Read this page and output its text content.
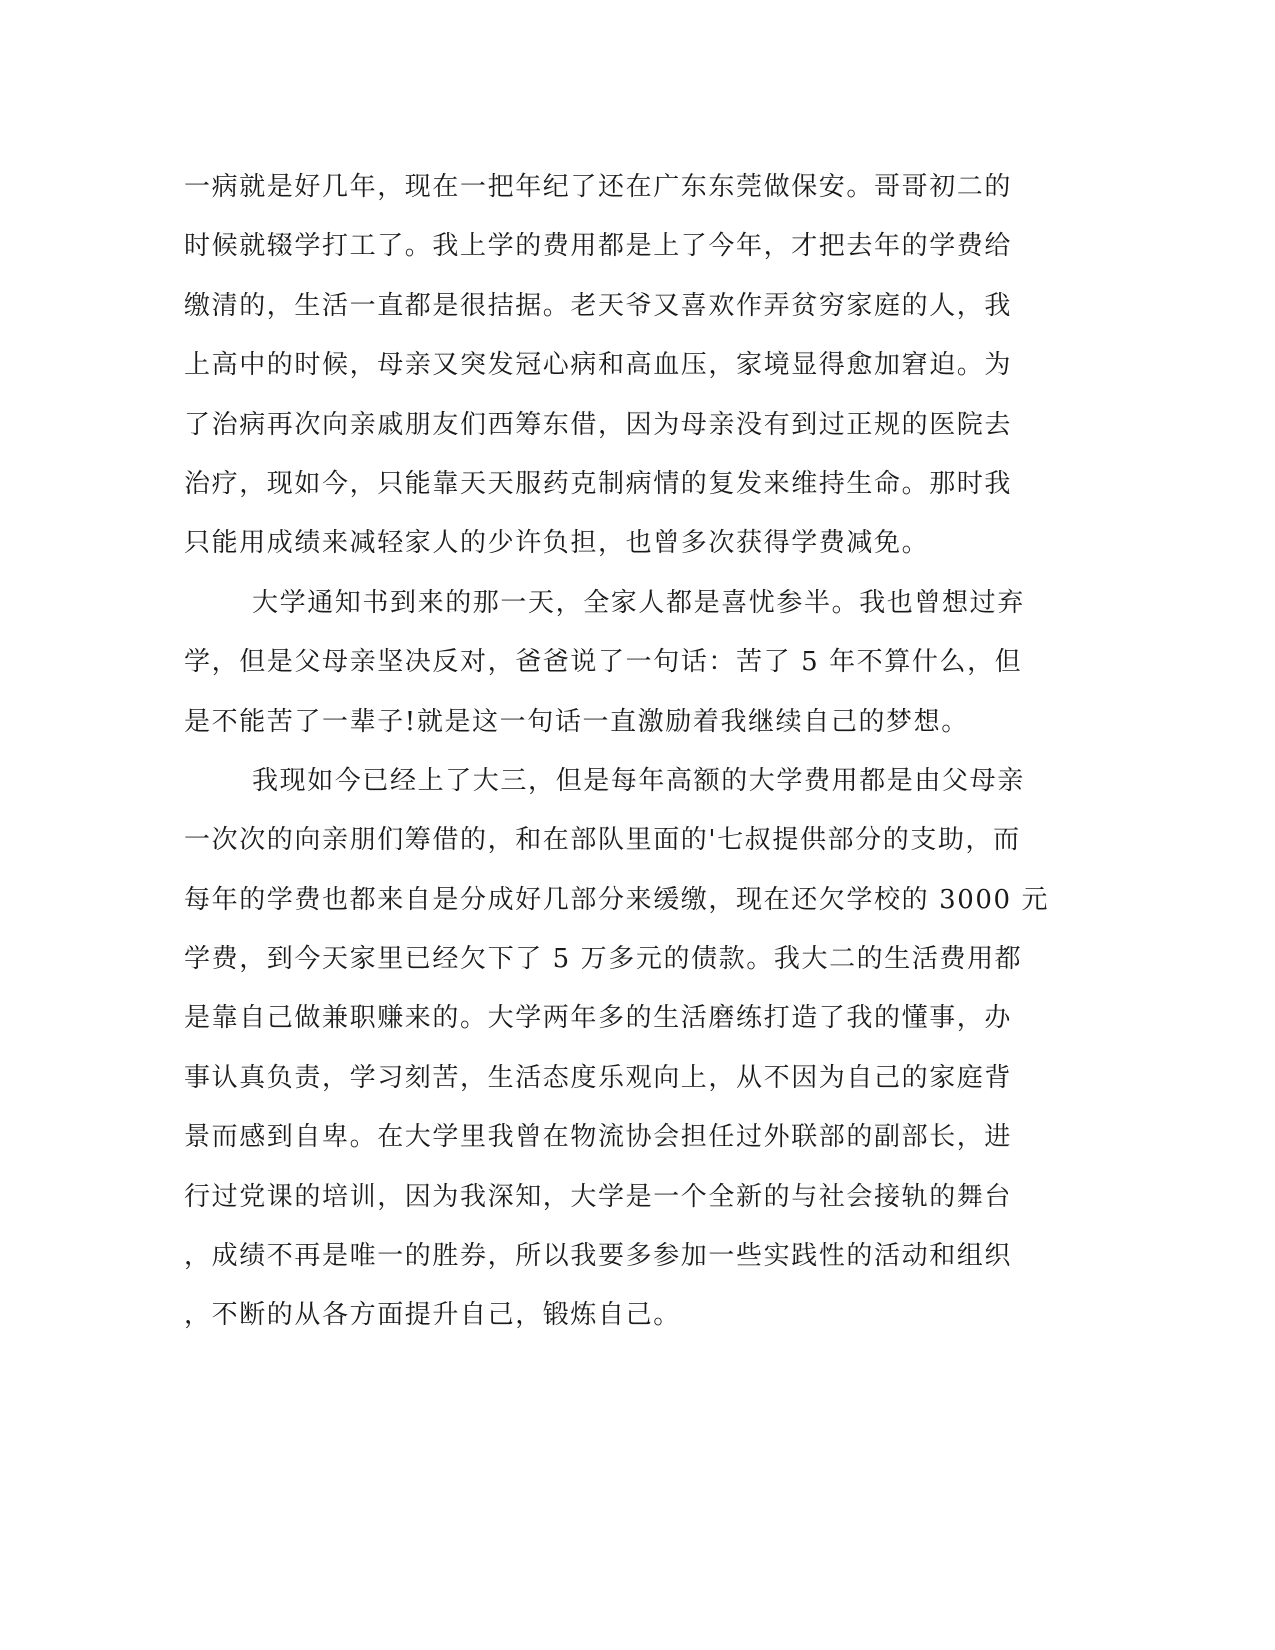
一病就是好几年，现在一把年纪了还在广东东莞做保安。哥哥初二的
时候就辍学打工了。我上学的费用都是上了今年，才把去年的学费给
缴清的，生活一直都是很拮据。老天爷又喜欢作弄贫穷家庭的人，我
上高中的时候，母亲又突发冠心病和高血压，家境显得愈加窘迫。为
了治病再次向亲戚朋友们西筹东借，因为母亲没有到过正规的医院去
治疗，现如今，只能靠天天服药克制病情的复发来维持生命。那时我
只能用成绩来减轻家人的少许负担，也曾多次获得学费减免。
大学通知书到来的那一天，全家人都是喜忧参半。我也曾想过弃
学，但是父母亲坚决反对，爸爸说了一句话：苦了 5 年不算什么，但
是不能苦了一辈子!就是这一句话一直激励着我继续自己的梦想。
我现如今已经上了大三，但是每年高额的大学费用都是由父母亲
一次次的向亲朋们筹借的，和在部队里面的'七叔提供部分的支助，而
每年的学费也都来自是分成好几部分来缓缴，现在还欠学校的 3000 元
学费，到今天家里已经欠下了 5 万多元的债款。我大二的生活费用都
是靠自己做兼职赚来的。大学两年多的生活磨练打造了我的懂事，办
事认真负责，学习刻苦，生活态度乐观向上，从不因为自己的家庭背
景而感到自卑。在大学里我曾在物流协会担任过外联部的副部长，进
行过党课的培训，因为我深知，大学是一个全新的与社会接轨的舞台
，成绩不再是唯一的胜券，所以我要多参加一些实践性的活动和组织
，不断的从各方面提升自己，锻炼自己。
